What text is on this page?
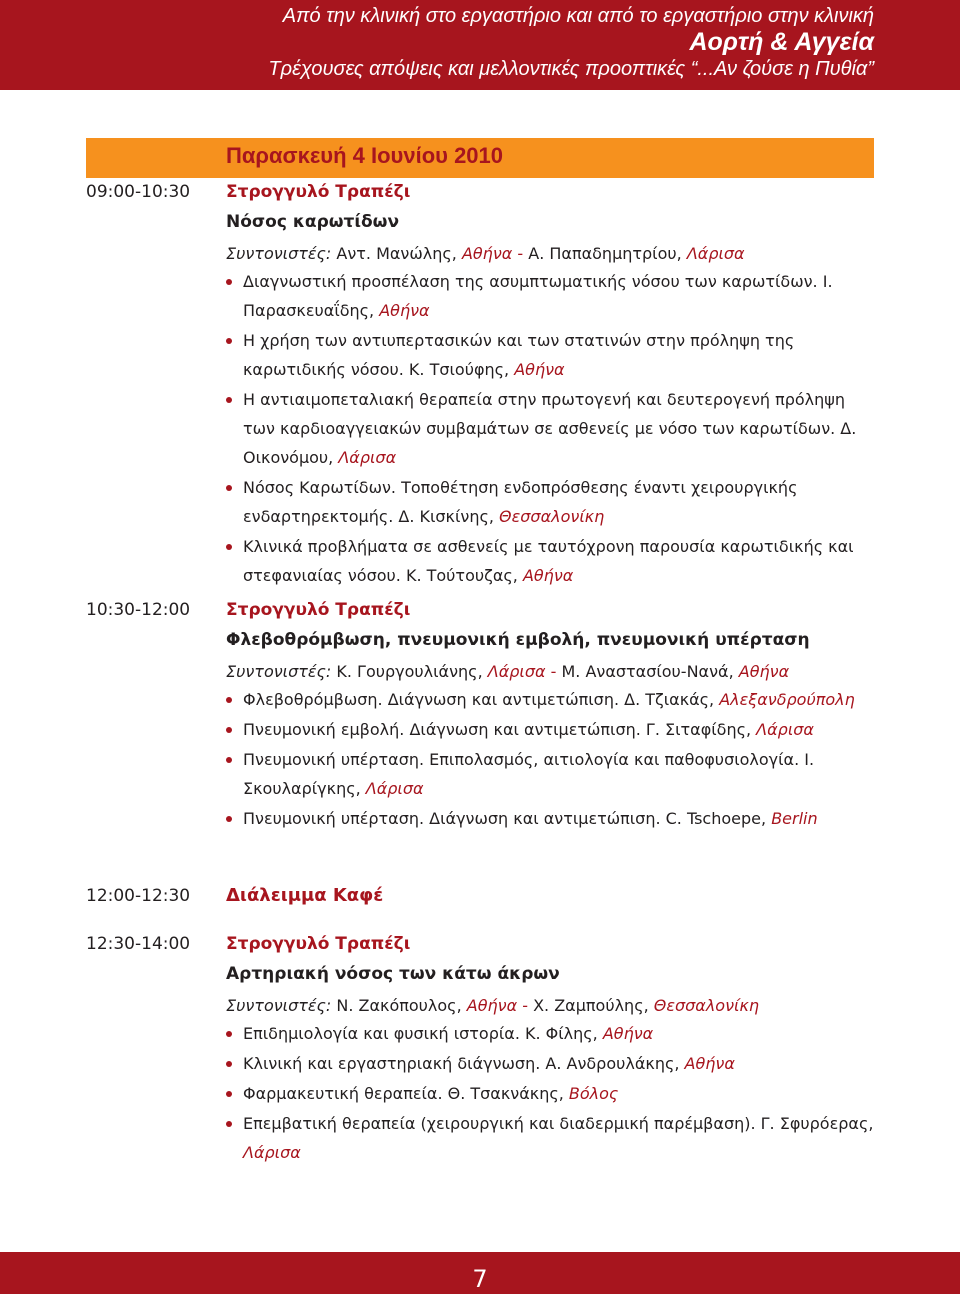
Από την κλινική στο εργαστήριο και από το εργαστήριο στην κλινική
Αορτή & Αγγεία
Τρέχουσες απόψεις και μελλοντικές προοπτικές “...Αν ζούσε η Πυθία”
Παρασκευή 4 Ιουνίου 2010
09:00-10:30 Στρογγυλό Τραπέζι
Νόσος καρωτίδων
Συντονιστές: Αντ. Μανώλης, Αθήνα - Α. Παπαδημητρίου, Λάρισα
Διαγνωστική προσπέλαση της ασυμπτωματικής νόσου των καρωτίδων. Ι. Παρασκευαΐδης, Αθήνα
Η χρήση των αντιυπερτασικών και των στατινών στην πρόληψη της καρωτιδικής νόσου. Κ. Τσιούφης, Αθήνα
Η αντιαιμοπεταλιακή θεραπεία στην πρωτογενή και δευτερογενή πρόληψη των καρδιοαγγειακών συμβαμάτων σε ασθενείς με νόσο των καρωτίδων. Δ. Οικονόμου, Λάρισα
Νόσος Καρωτίδων. Τοποθέτηση ενδοπρόσθεσης έναντι χειρουργικής ενδαρτηρεκτομής. Δ. Κισκίνης, Θεσσαλονίκη
Κλινικά προβλήματα σε ασθενείς με ταυτόχρονη παρουσία καρωτιδικής και στεφανιαίας νόσου. Κ. Τούτουζας, Αθήνα
10:30-12:00 Στρογγυλό Τραπέζι
Φλεβοθρόμβωση, πνευμονική εμβολή, πνευμονική υπέρταση
Συντονιστές: Κ. Γουργουλιάνης, Λάρισα - Μ. Αναστασίου-Νανά, Αθήνα
Φλεβοθρόμβωση. Διάγνωση και αντιμετώπιση. Δ. Τζιακάς, Αλεξανδρούπολη
Πνευμονική εμβολή. Διάγνωση και αντιμετώπιση. Γ. Σιταφίδης, Λάρισα
Πνευμονική υπέρταση. Επιπολασμός, αιτιολογία και παθοφυσιολογία. Ι. Σκουλαρίγκης, Λάρισα
Πνευμονική υπέρταση. Διάγνωση και αντιμετώπιση. C. Tschoepe, Berlin
12:00-12:30 Διάλειμμα Καφέ
12:30-14:00 Στρογγυλό Τραπέζι
Αρτηριακή νόσος των κάτω άκρων
Συντονιστές: Ν. Ζακόπουλος, Αθήνα - Χ. Ζαμπούλης, Θεσσαλονίκη
Επιδημιολογία και φυσική ιστορία. Κ. Φίλης, Αθήνα
Κλινική και εργαστηριακή διάγνωση. Α. Ανδρουλάκης, Αθήνα
Φαρμακευτική θεραπεία. Θ. Τσακνάκης, Βόλος
Επεμβατική θεραπεία (χειρουργική και διαδερμική παρέμβαση). Γ. Σφυρόερας, Λάρισα
7
